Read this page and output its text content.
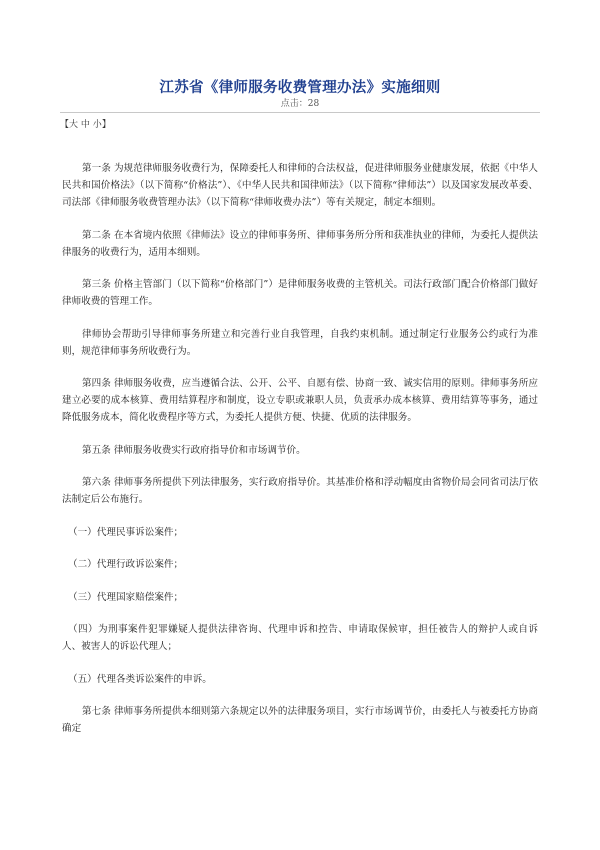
江苏省《律师服务收费管理办法》实施细则
点击：28
【大 中 小】

第一条 为规范律师服务收费行为，保障委托人和律师的合法权益，促进律师服务业健康发展，依据《中华人民共和国价格法》（以下简称“价格法”）、《中华人民共和国律师法》（以下简称“律师法”）以及国家发展改革委、司法部《律师服务收费管理办法》（以下简称“律师收费办法”）等有关规定，制定本细则。

第二条 在本省境内依照《律师法》设立的律师事务所、律师事务所分所和获准执业的律师，为委托人提供法律服务的收费行为，适用本细则。

第三条 价格主管部门（以下简称“价格部门”）是律师服务收费的主管机关。司法行政部门配合价格部门做好律师收费的管理工作。

律师协会帮助引导律师事务所建立和完善行业自我管理，自我约束机制。通过制定行业服务公约或行为准则，规范律师事务所收费行为。

第四条 律师服务收费，应当遵循合法、公开、公平、自愿有偿、协商一致、诚实信用的原则。律师事务所应建立必要的成本核算、费用结算程序和制度，设立专职或兼职人员，负责承办成本核算、费用结算等事务，通过降低服务成本，简化收费程序等方式，为委托人提供方便、快捷、优质的法律服务。

第五条 律师服务收费实行政府指导价和市场调节价。

第六条 律师事务所提供下列法律服务，实行政府指导价。其基准价格和浮动幅度由省物价局会同省司法厅依法制定后公布施行。

（一）代理民事诉讼案件；

（二）代理行政诉讼案件；

（三）代理国家赔偿案件；

（四）为刑事案件犯罪嫌疑人提供法律咨询、代理申诉和控告、申请取保候审，担任被告人的辩护人或自诉人、被害人的诉讼代理人；

（五）代理各类诉讼案件的申诉。

第七条 律师事务所提供本细则第六条规定以外的法律服务项目，实行市场调节价，由委托人与被委托方协商确定
